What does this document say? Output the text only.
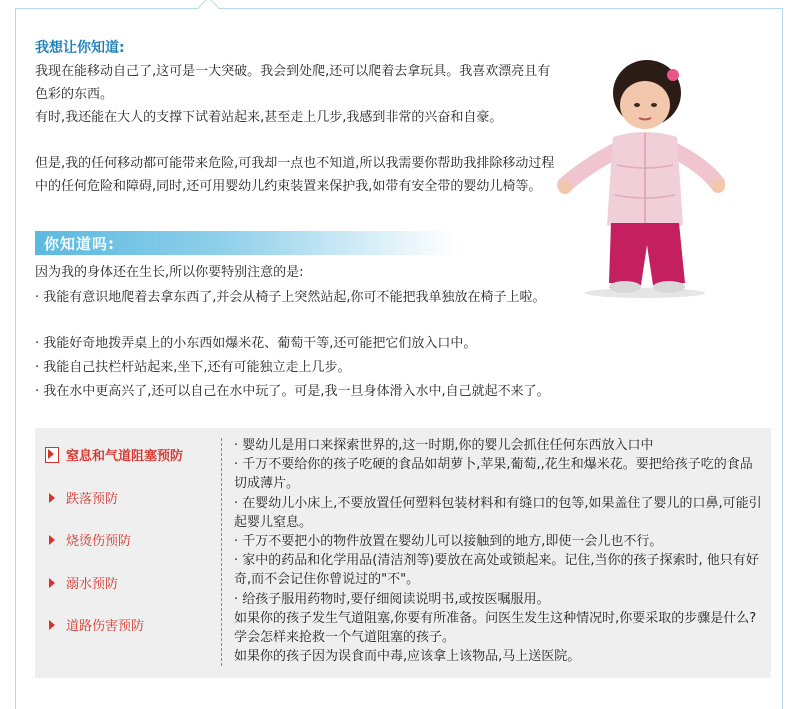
我想让你知道:
我现在能移动自己了,这可是一大突破。我会到处爬,还可以爬着去拿玩具。我喜欢漂亮且有色彩的东西。
有时,我还能在大人的支撑下试着站起来,甚至走上几步,我感到非常的兴奋和自豪。
但是,我的任何移动都可能带来危险,可我却一点也不知道,所以我需要你帮助我排除移动过程中的任何危险和障碍,同时,还可用婴幼儿约束装置来保护我,如带有安全带的婴幼儿椅等。
你知道吗:
因为我的身体还在生长,所以你要特别注意的是:
· 我能有意识地爬着去拿东西了,并会从椅子上突然站起,你可不能把我单独放在椅子上啦。
· 我能好奇地拨弄桌上的小东西如爆米花、葡萄干等,还可能把它们放入口中。
· 我能自己扶栏杆站起来,坐下,还有可能独立走上几步。
· 我在水中更高兴了,还可以自己在水中玩了。可是,我一旦身体滑入水中,自己就起不来了。
窒息和气道阻塞预防
跌落预防
烧烫伤预防
溺水预防
道路伤害预防

· 婴幼儿是用口来探索世界的,这一时期,你的婴儿会抓住任何东西放入口中

· 千万不要给你的孩子吃硬的食品如胡萝卜,苹果,葡萄,,花生和爆米花。要把给孩子吃的食品切成薄片。

· 在婴幼儿小床上,不要放置任何塑料包装材料和有缝口的包等,如果盖住了婴儿的口鼻,可能引起婴儿窒息。

· 千万不要把小的物件放置在婴幼儿可以接触到的地方,即使一会儿也不行。

· 家中的药品和化学用品(清洁剂等)要放在高处或锁起来。记住,当你的孩子探索时, 他只有好奇,而不会记住你曾说过的"不"。

· 给孩子服用药物时,要仔细阅读说明书,或按医嘱服用。

如果你的孩子发生气道阻塞,你要有所准备。问医生发生这种情况时,你要采取的步骤是什么?学会怎样来抢救一个气道阻塞的孩子。

如果你的孩子因为误食而中毒,应该拿上该物品,马上送医院。
